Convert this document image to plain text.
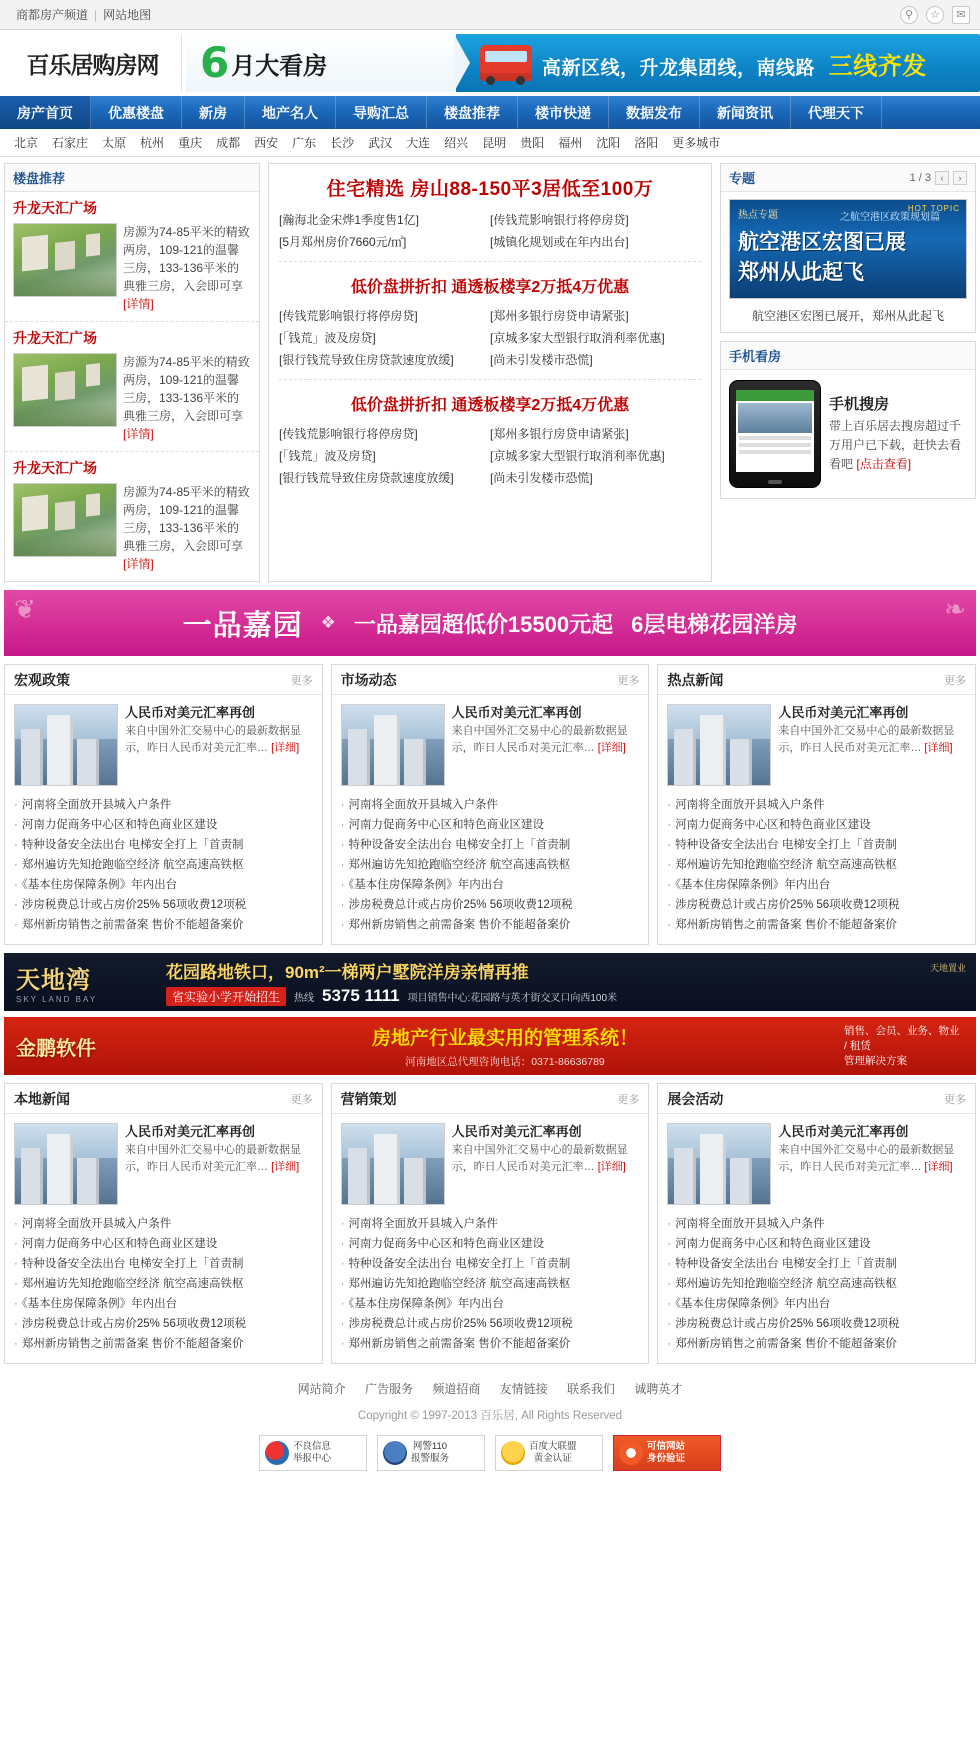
商都房产频道 | 网站地图	⚲	☆	✉
百乐居购房网 6 月大看房	高新区线，升龙集团线，南线路 三线齐发
房产首页	优惠楼盘	新房	地产名人	导购汇总	楼盘推荐	楼市快递	数据发布	新闻资讯	代理天下
北京	石家庄	太原	杭州	重庆	成都	西安	广东	长沙	武汉	大连	绍兴	昆明	贵阳	福州	沈阳	洛阳	更多城市
楼盘推荐
升龙天汇广场
房源为74-85平米的精致两房，109-121的温馨三房，133-136平米的典雅三房，入会即可享[详情]
升龙天汇广场
房源为74-85平米的精致两房，109-121的温馨三房，133-136平米的典雅三房，入会即可享[详情]
升龙天汇广场
房源为74-85平米的精致两房，109-121的温馨三房，133-136平米的典雅三房，入会即可享[详情]
住宅精选 房山88-150平3居低至100万
[瀚海北金宋烨1季度售1亿]	[传钱荒影响银行将停房贷]
[5月郑州房价7660元/㎡]	[城镇化规划或在年内出台]
低价盘拼折扣 通透板楼享2万抵4万优惠
[传钱荒影响银行将停房贷]	[郑州多银行房贷申请紧张]
[「钱荒」波及房贷]	[京城多家大型银行取消利率优惠]
[银行钱荒导致住房贷款速度放缓]	[尚未引发楼市恐慌]
低价盘拼折扣 通透板楼享2万抵4万优惠
[传钱荒影响银行将停房贷]	[郑州多银行房贷申请紧张]
[「钱荒」波及房贷]	[京城多家大型银行取消利率优惠]
[银行钱荒导致住房贷款速度放缓]	[尚未引发楼市恐慌]
专题	1 / 3	‹	›
HOT TOPIC
热点专题	之航空港区政策规划篇
航空港区宏图已展
郑州从此起飞
航空港区宏图已展开，郑州从此起飞
手机看房
手机搜房
带上百乐居去搜房超过千万用户已下载，赶快去看看吧 [点击查看]
❦	❧
一品嘉园 ❖ 一品嘉园超低价15500元起 6层电梯花园洋房
宏观政策	更多
人民币对美元汇率再创
来自中国外汇交易中心的最新数据显示，昨日人民币对美元汇率… [详细]
· 河南将全面放开县城入户条件
· 河南力促商务中心区和特色商业区建设
· 特种设备安全法出台 电梯安全打上「首责制
· 郑州遍访先知抢跑临空经济 航空高速高铁枢
· 《基本住房保障条例》年内出台
· 涉房税费总计或占房价25% 56项收费12项税
· 郑州新房销售之前需备案 售价不能超备案价
市场动态	更多
人民币对美元汇率再创
来自中国外汇交易中心的最新数据显示，昨日人民币对美元汇率… [详细]
· 河南将全面放开县城入户条件
· 河南力促商务中心区和特色商业区建设
· 特种设备安全法出台 电梯安全打上「首责制
· 郑州遍访先知抢跑临空经济 航空高速高铁枢
· 《基本住房保障条例》年内出台
· 涉房税费总计或占房价25% 56项收费12项税
· 郑州新房销售之前需备案 售价不能超备案价
热点新闻	更多
人民币对美元汇率再创
来自中国外汇交易中心的最新数据显示，昨日人民币对美元汇率… [详细]
· 河南将全面放开县城入户条件
· 河南力促商务中心区和特色商业区建设
· 特种设备安全法出台 电梯安全打上「首责制
· 郑州遍访先知抢跑临空经济 航空高速高铁枢
· 《基本住房保障条例》年内出台
· 涉房税费总计或占房价25% 56项收费12项税
· 郑州新房销售之前需备案 售价不能超备案价
天地湾
SKY LAND BAY
花园路地铁口，90m²一梯两户墅院洋房亲情再推
省实验小学开始招生	热线 5375 1111 项目销售中心:花园路与英才街交叉口向西100米
天地置业
金鹏软件	房地产行业最实用的管理系统！
河南地区总代理咨询电话：0371-86636789
销售、会员、业务、物业 / 租赁
管理解决方案
本地新闻	更多
人民币对美元汇率再创
来自中国外汇交易中心的最新数据显示，昨日人民币对美元汇率… [详细]
· 河南将全面放开县城入户条件
· 河南力促商务中心区和特色商业区建设
· 特种设备安全法出台 电梯安全打上「首责制
· 郑州遍访先知抢跑临空经济 航空高速高铁枢
· 《基本住房保障条例》年内出台
· 涉房税费总计或占房价25% 56项收费12项税
· 郑州新房销售之前需备案 售价不能超备案价
营销策划	更多
人民币对美元汇率再创
来自中国外汇交易中心的最新数据显示，昨日人民币对美元汇率… [详细]
· 河南将全面放开县城入户条件
· 河南力促商务中心区和特色商业区建设
· 特种设备安全法出台 电梯安全打上「首责制
· 郑州遍访先知抢跑临空经济 航空高速高铁枢
· 《基本住房保障条例》年内出台
· 涉房税费总计或占房价25% 56项收费12项税
· 郑州新房销售之前需备案 售价不能超备案价
展会活动	更多
人民币对美元汇率再创
来自中国外汇交易中心的最新数据显示，昨日人民币对美元汇率… [详细]
· 河南将全面放开县城入户条件
· 河南力促商务中心区和特色商业区建设
· 特种设备安全法出台 电梯安全打上「首责制
· 郑州遍访先知抢跑临空经济 航空高速高铁枢
· 《基本住房保障条例》年内出台
· 涉房税费总计或占房价25% 56项收费12项税
· 郑州新房销售之前需备案 售价不能超备案价
网站简介 广告服务 频道招商 友情链接 联系我们 诚聘英才
Copyright © 1997-2013 百乐居, All Rights Reserved
不良信息
举报中心
网警110
报警服务
百度大联盟
黄金认证
可信网站
身份验证
